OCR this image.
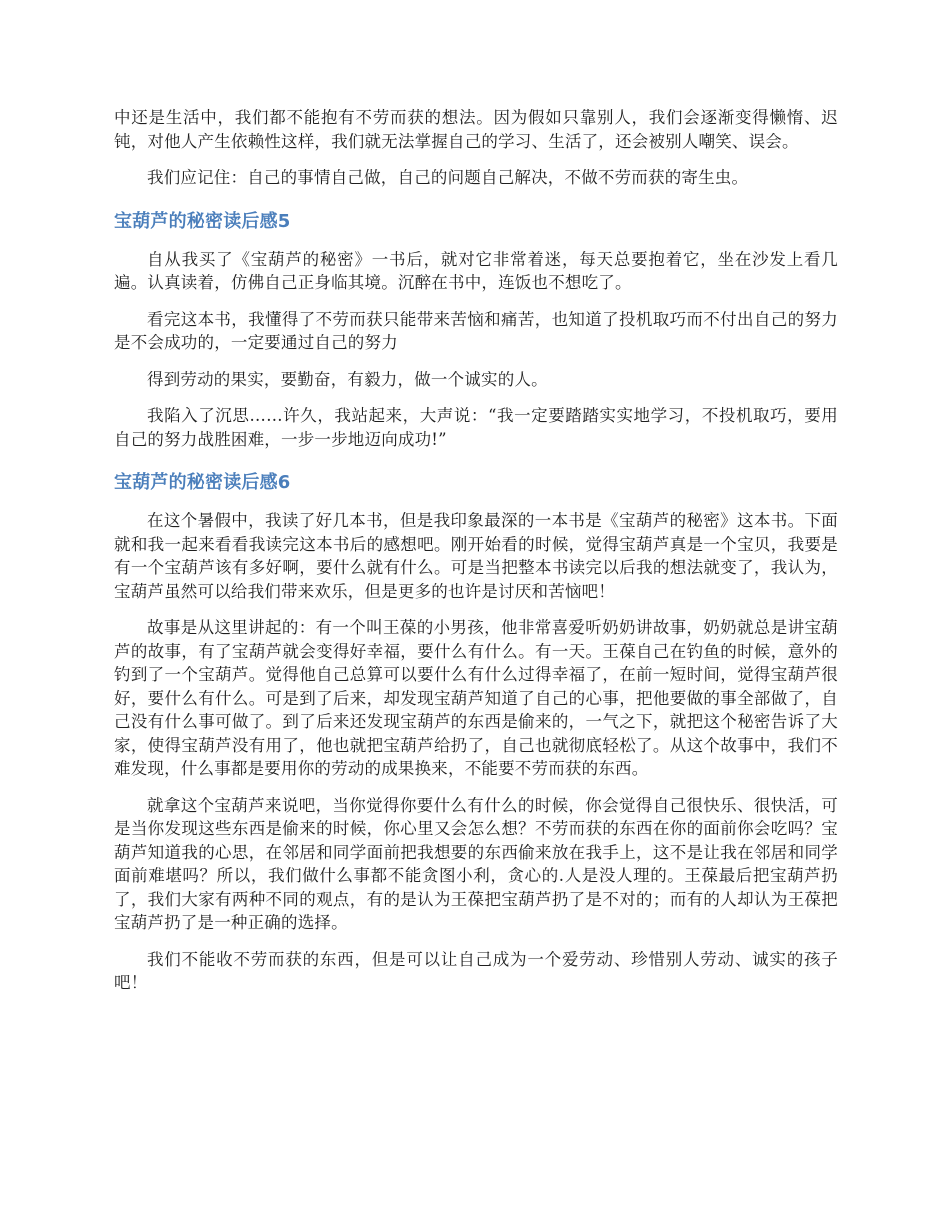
中还是生活中，我们都不能抱有不劳而获的想法。因为假如只靠别人，我们会逐渐变得懒惰、迟钝，对他人产生依赖性这样，我们就无法掌握自己的学习、生活了，还会被别人嘲笑、误会。

我们应记住：自己的事情自己做，自己的问题自己解决，不做不劳而获的寄生虫。

宝葫芦的秘密读后感5

自从我买了《宝葫芦的秘密》一书后，就对它非常着迷，每天总要抱着它，坐在沙发上看几遍。认真读着，仿佛自己正身临其境。沉醉在书中，连饭也不想吃了。

看完这本书，我懂得了不劳而获只能带来苦恼和痛苦，也知道了投机取巧而不付出自己的努力是不会成功的，一定要通过自己的努力

得到劳动的果实，要勤奋，有毅力，做一个诚实的人。

我陷入了沉思……许久，我站起来，大声说：“我一定要踏踏实实地学习，不投机取巧，要用自己的努力战胜困难，一步一步地迈向成功!”

宝葫芦的秘密读后感6

在这个暑假中，我读了好几本书，但是我印象最深的一本书是《宝葫芦的秘密》这本书。下面就和我一起来看看我读完这本书后的感想吧。刚开始看的时候，觉得宝葫芦真是一个宝贝，我要是有一个宝葫芦该有多好啊，要什么就有什么。可是当把整本书读完以后我的想法就变了，我认为，宝葫芦虽然可以给我们带来欢乐，但是更多的也许是讨厌和苦恼吧！

故事是从这里讲起的：有一个叫王葆的小男孩，他非常喜爱听奶奶讲故事，奶奶就总是讲宝葫芦的故事，有了宝葫芦就会变得好幸福，要什么有什么。有一天。王葆自己在钓鱼的时候，意外的钓到了一个宝葫芦。觉得他自己总算可以要什么有什么过得幸福了，在前一短时间，觉得宝葫芦很好，要什么有什么。可是到了后来，却发现宝葫芦知道了自己的心事，把他要做的事全部做了，自己没有什么事可做了。到了后来还发现宝葫芦的东西是偷来的，一气之下，就把这个秘密告诉了大家，使得宝葫芦没有用了，他也就把宝葫芦给扔了，自己也就彻底轻松了。从这个故事中，我们不难发现，什么事都是要用你的劳动的成果换来，不能要不劳而获的东西。

就拿这个宝葫芦来说吧，当你觉得你要什么有什么的时候，你会觉得自己很快乐、很快活，可是当你发现这些东西是偷来的时候，你心里又会怎么想？不劳而获的东西在你的面前你会吃吗？宝葫芦知道我的心思，在邻居和同学面前把我想要的东西偷来放在我手上，这不是让我在邻居和同学面前难堪吗？所以，我们做什么事都不能贪图小利，贪心的.人是没人理的。王葆最后把宝葫芦扔了，我们大家有两种不同的观点，有的是认为王葆把宝葫芦扔了是不对的；而有的人却认为王葆把宝葫芦扔了是一种正确的选择。

我们不能收不劳而获的东西，但是可以让自己成为一个爱劳动、珍惜别人劳动、诚实的孩子吧！
